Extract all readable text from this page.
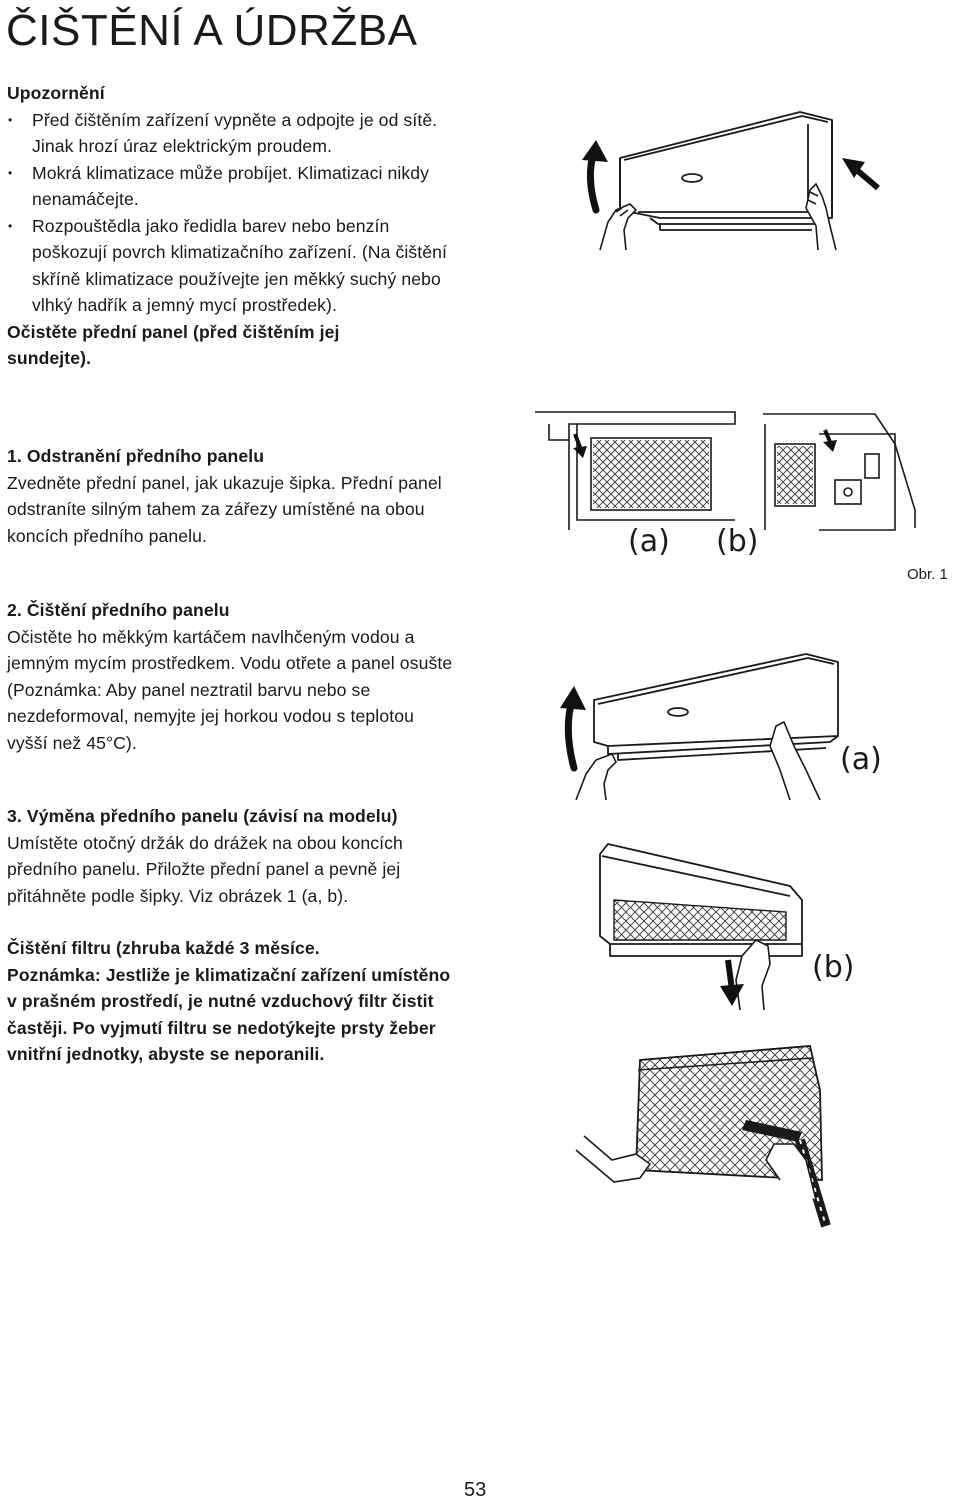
ČIŠTĚNÍ A ÚDRŽBA

Upozornění

• Před čištěním zařízení vypněte a odpojte je od sítě. Jinak hrozí úraz elektrickým proudem.
• Mokrá klimatizace může probíjet. Klimatizaci nikdy nenamáčejte.
• Rozpouštědla jako ředidla barev nebo benzín poškozují povrch klimatizačního zařízení. (Na čištění skříně klimatizace používejte jen měkký suchý nebo vlhký hadřík a jemný mycí prostředek).

Očistěte přední panel (před čištěním jej sundejte).

1. Odstranění předního panelu

Zvedněte přední panel, jak ukazuje šipka. Přední panel odstraníte silným tahem za zářezy umístěné na obou koncích předního panelu.

2. Čištění předního panelu

Očistěte ho měkkým kartáčem navlhčeným vodou a jemným mycím prostředkem. Vodu otřete a panel osušte (Poznámka: Aby panel neztratil barvu nebo se nezdeformoval, nemyjte jej horkou vodou s teplotou vyšší než 45°C).

3. Výměna předního panelu (závisí na modelu)

Umístěte otočný držák do drážek na obou koncích předního panelu. Přiložte přední panel a pevně jej přitáhněte podle šipky. Viz obrázek 1 (a, b).

Čištění filtru (zhruba každé 3 měsíce.

Poznámka: Jestliže je klimatizační zařízení umístěno v prašném prostředí, je nutné vzduchový filtr čistit častěji. Po vyjmutí filtru se nedotýkejte prsty žeber vnitřní jednotky, abyste se neporanili.

(a) (b)
Obr. 1
(a)
(b)
53
